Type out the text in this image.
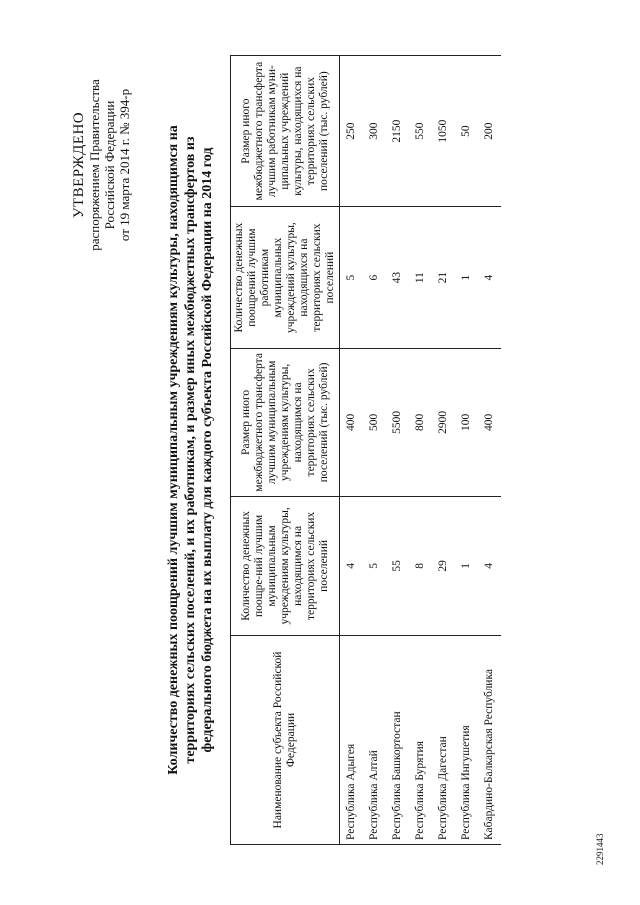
УТВЕРЖДЕНО распоряжением Правительства Российской Федерации от 19 марта 2014 г. № 394-р Количество денежных поощрений лучшим муниципальным учреждениям культуры, находящимся на территориях сельских поселений, и их работникам, и размер иных межбюджетных трансфертов из федерального бюджета на их выплату для каждого субъекта Российской Федерации на 2014 год	Наименование субъекта Российской Федерации	Количество денежных поощре-ний лучшим муниципальным учреждениям культуры, находящимся на территориях сельских поселений	Размер иного межбюджетного трансферта лучшим муниципальным учреждениям культуры, находящимся на территориях сельских поселений (тыс. рублей)	Количество денежных поощрений лучшим работникам муниципальных учреждений культуры, находящихся на территориях сельских поселений	Размер иного межбюджетного трансферта лучшим работникам муни-ципальных учреждений культуры, находящихся на территориях сельских поселений (тыс. рублей)
Республика Адыгея	4	400	5	250
Республика Алтай	5	500	6	300
Республика Башкортостан	55	5500	43	2150
Республика Бурятия	8	800	11	550
Республика Дагестан	29	2900	21	1050
Республика Ингушетия	1	100	1	50
Кабардино-Балкарская Республика	4	400	4	200
2291443
